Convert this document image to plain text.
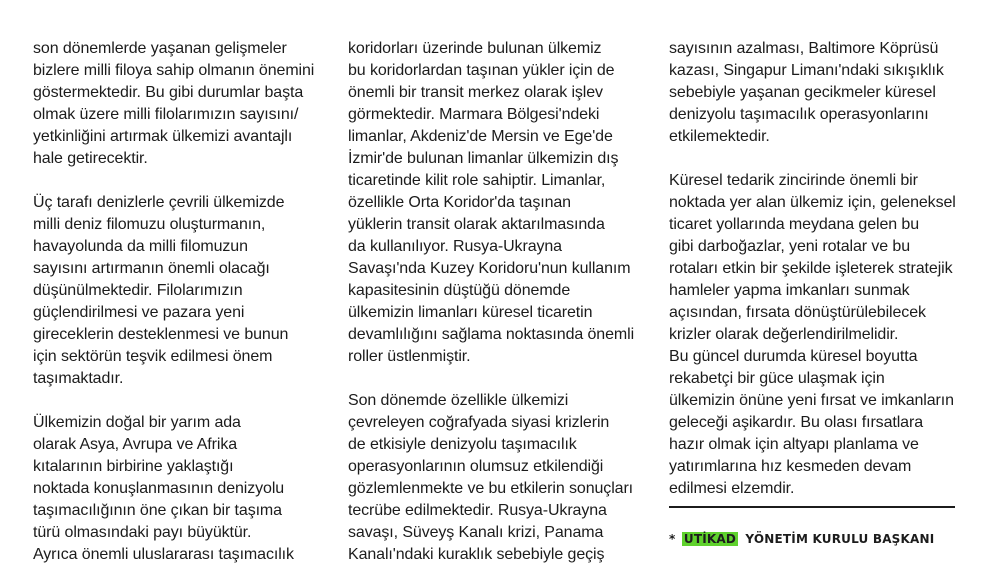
son dönemlerde yaşanan gelişmeler
bizlere milli filoya sahip olmanın önemini
göstermektedir. Bu gibi durumlar başta
olmak üzere milli filolarımızın sayısını/
yetkinliğini artırmak ülkemizi avantajlı
hale getirecektir.
Üç tarafı denizlerle çevrili ülkemizde
milli deniz filomuzu oluşturmanın,
havayolunda da milli filomuzun
sayısını artırmanın önemli olacağı
düşünülmektedir. Filolarımızın
güçlendirilmesi ve pazara yeni
gireceklerin desteklenmesi ve bunun
için sektörün teşvik edilmesi önem
taşımaktadır.
Ülkemizin doğal bir yarım ada
olarak Asya, Avrupa ve Afrika
kıtalarının birbirine yaklaştığı
noktada konuşlanmasının denizyolu
taşımacılığının öne çıkan bir taşıma
türü olmasındaki payı büyüktür.
Ayrıca önemli uluslararası taşımacılık
koridorları üzerinde bulunan ülkemiz
bu koridorlardan taşınan yükler için de
önemli bir transit merkez olarak işlev
görmektedir. Marmara Bölgesi'ndeki
limanlar, Akdeniz'de Mersin ve Ege'de
İzmir'de bulunan limanlar ülkemizin dış
ticaretinde kilit role sahiptir. Limanlar,
özellikle Orta Koridor'da taşınan
yüklerin transit olarak aktarılmasında
da kullanılıyor. Rusya-Ukrayna
Savaşı'nda Kuzey Koridoru'nun kullanım
kapasitesinin düştüğü dönemde
ülkemizin limanları küresel ticaretin
devamlılığını sağlama noktasında önemli
roller üstlenmiştir.
Son dönemde özellikle ülkemizi
çevreleyen coğrafyada siyasi krizlerin
de etkisiyle denizyolu taşımacılık
operasyonlarının olumsuz etkilendiği
gözlemlenmekte ve bu etkilerin sonuçları
tecrübe edilmektedir. Rusya-Ukrayna
savaşı, Süveyş Kanalı krizi, Panama
Kanalı'ndaki kuraklık sebebiyle geçiş
sayısının azalması, Baltimore Köprüsü
kazası, Singapur Limanı'ndaki sıkışıklık
sebebiyle yaşanan gecikmeler küresel
denizyolu taşımacılık operasyonlarını
etkilemektedir.
Küresel tedarik zincirinde önemli bir
noktada yer alan ülkemiz için, geleneksel
ticaret yollarında meydana gelen bu
gibi darboğazlar, yeni rotalar ve bu
rotaları etkin bir şekilde işleterek stratejik
hamleler yapma imkanları sunmak
açısından, fırsata dönüştürülebilecek
krizler olarak değerlendirilmelidir.
Bu güncel durumda küresel boyutta
rekabetçi bir güce ulaşmak için
ülkemizin önüne yeni fırsat ve imkanların
geleceği aşikardır. Bu olası fırsatlara
hazır olmak için altyapı planlama ve
yatırımlarına hız kesmeden devam
edilmesi elzemdir.
* UTİKAD YÖNETİM KURULU BAŞKANI
